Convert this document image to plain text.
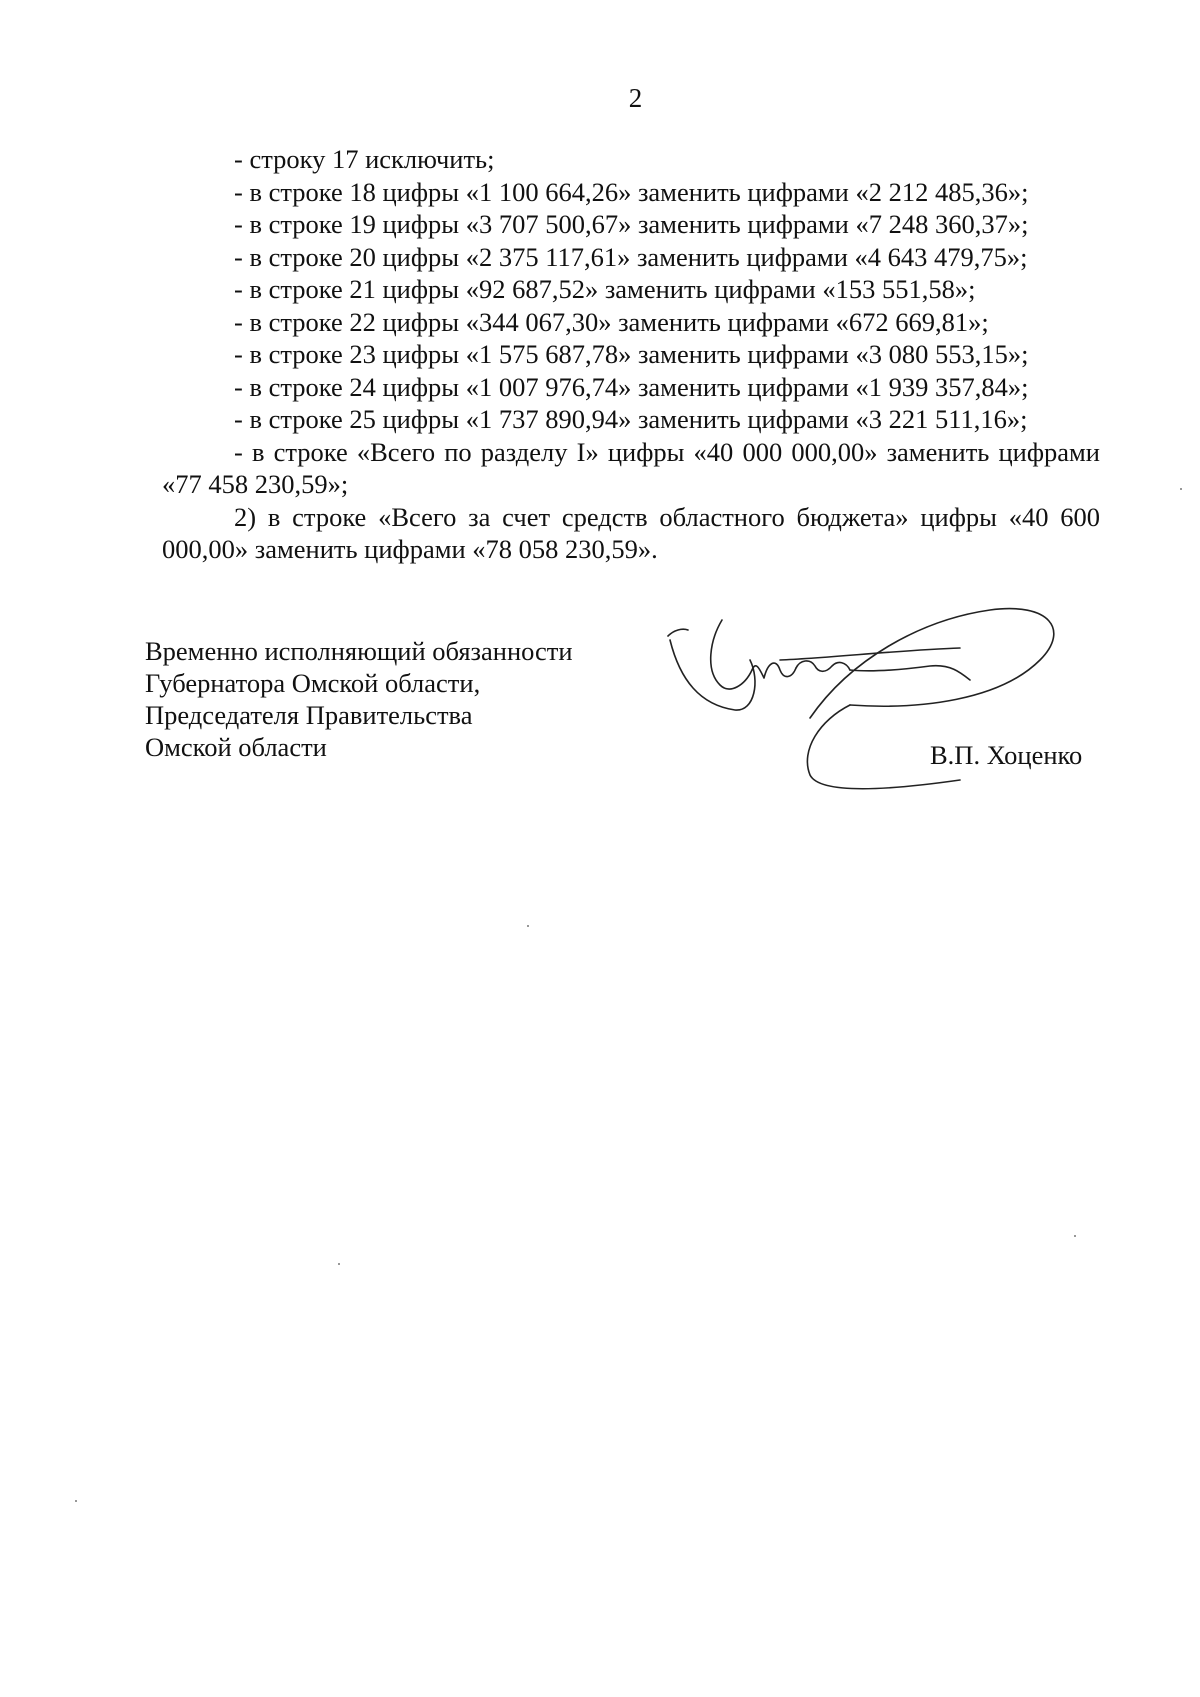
2
- строку 17 исключить;
- в строке 18 цифры «1 100 664,26» заменить цифрами «2 212 485,36»;
- в строке 19 цифры «3 707 500,67» заменить цифрами «7 248 360,37»;
- в строке 20 цифры «2 375 117,61» заменить цифрами «4 643 479,75»;
- в строке 21 цифры «92 687,52» заменить цифрами «153 551,58»;
- в строке 22 цифры «344 067,30» заменить цифрами «672 669,81»;
- в строке 23 цифры «1 575 687,78» заменить цифрами «3 080 553,15»;
- в строке 24 цифры «1 007 976,74» заменить цифрами «1 939 357,84»;
- в строке 25 цифры «1 737 890,94» заменить цифрами «3 221 511,16»;
- в строке «Всего по разделу I» цифры «40 000 000,00» заменить цифрами «77 458 230,59»;
2) в строке «Всего за счет средств областного бюджета» цифры «40 600 000,00» заменить цифрами «78 058 230,59».
Временно исполняющий обязанности
Губернатора Омской области,
Председателя Правительства
Омской области	В.П. Хоценко
